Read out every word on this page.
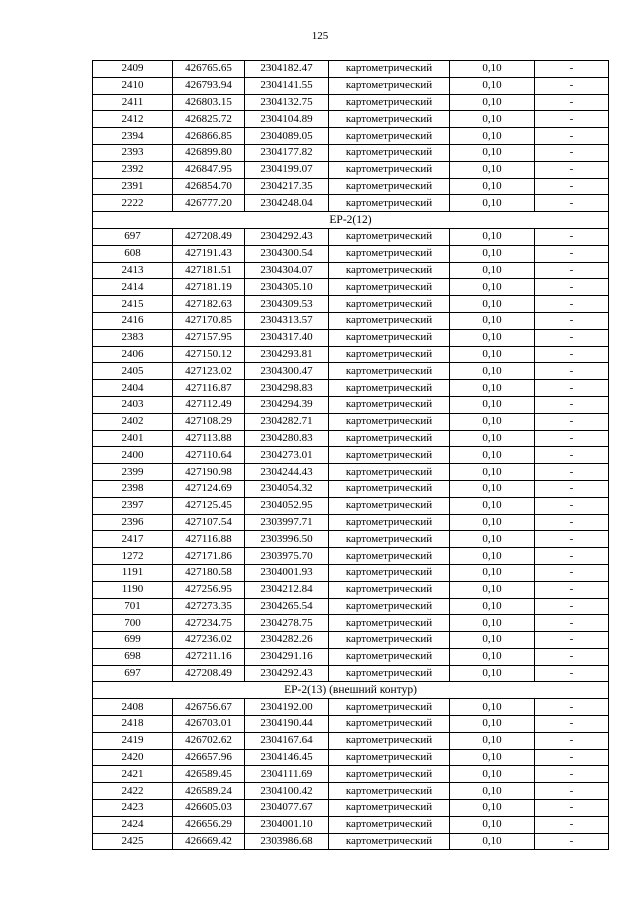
125
2409	426765.65	2304182.47	картометрический	0,10	-
2410	426793.94	2304141.55	картометрический	0,10	-
2411	426803.15	2304132.75	картометрический	0,10	-
2412	426825.72	2304104.89	картометрический	0,10	-
2394	426866.85	2304089.05	картометрический	0,10	-
2393	426899.80	2304177.82	картометрический	0,10	-
2392	426847.95	2304199.07	картометрический	0,10	-
2391	426854.70	2304217.35	картометрический	0,10	-
2222	426777.20	2304248.04	картометрический	0,10	-
ЕР-2(12)					
697	427208.49	2304292.43	картометрический	0,10	-
608	427191.43	2304300.54	картометрический	0,10	-
2413	427181.51	2304304.07	картометрический	0,10	-
2414	427181.19	2304305.10	картометрический	0,10	-
2415	427182.63	2304309.53	картометрический	0,10	-
2416	427170.85	2304313.57	картометрический	0,10	-
2383	427157.95	2304317.40	картометрический	0,10	-
2406	427150.12	2304293.81	картометрический	0,10	-
2405	427123.02	2304300.47	картометрический	0,10	-
2404	427116.87	2304298.83	картометрический	0,10	-
2403	427112.49	2304294.39	картометрический	0,10	-
2402	427108.29	2304282.71	картометрический	0,10	-
2401	427113.88	2304280.83	картометрический	0,10	-
2400	427110.64	2304273.01	картометрический	0,10	-
2399	427190.98	2304244.43	картометрический	0,10	-
2398	427124.69	2304054.32	картометрический	0,10	-
2397	427125.45	2304052.95	картометрический	0,10	-
2396	427107.54	2303997.71	картометрический	0,10	-
2417	427116.88	2303996.50	картометрический	0,10	-
1272	427171.86	2303975.70	картометрический	0,10	-
1191	427180.58	2304001.93	картометрический	0,10	-
1190	427256.95	2304212.84	картометрический	0,10	-
701	427273.35	2304265.54	картометрический	0,10	-
700	427234.75	2304278.75	картометрический	0,10	-
699	427236.02	2304282.26	картометрический	0,10	-
698	427211.16	2304291.16	картометрический	0,10	-
697	427208.49	2304292.43	картометрический	0,10	-
ЕР-2(13) (внешний контур)					
2408	426756.67	2304192.00	картометрический	0,10	-
2418	426703.01	2304190.44	картометрический	0,10	-
2419	426702.62	2304167.64	картометрический	0,10	-
2420	426657.96	2304146.45	картометрический	0,10	-
2421	426589.45	2304111.69	картометрический	0,10	-
2422	426589.24	2304100.42	картометрический	0,10	-
2423	426605.03	2304077.67	картометрический	0,10	-
2424	426656.29	2304001.10	картометрический	0,10	-
2425	426669.42	2303986.68	картометрический	0,10	-
